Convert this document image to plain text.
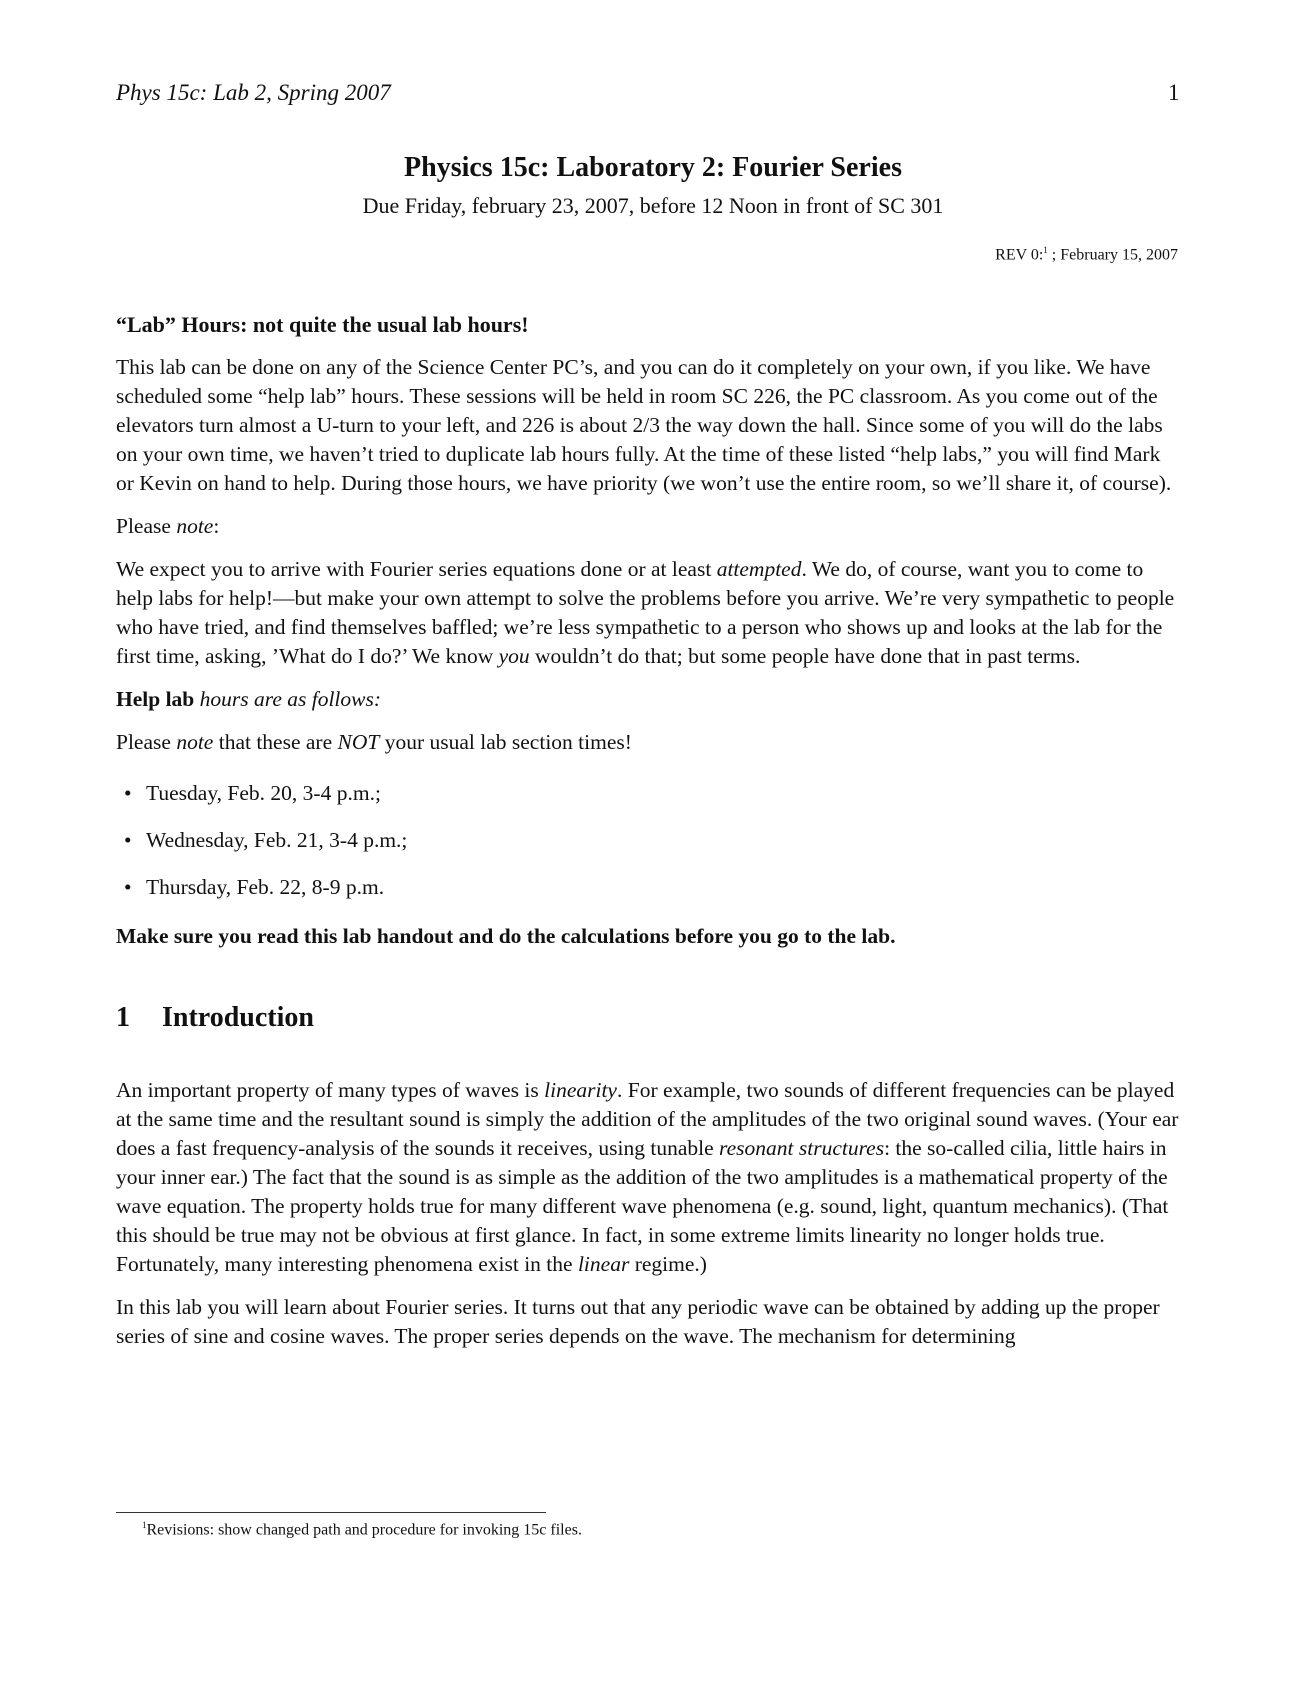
Phys 15c: Lab 2, Spring 2007	1
Physics 15c: Laboratory 2: Fourier Series
Due Friday, february 23, 2007, before 12 Noon in front of SC 301
REV 0:$^1$ ; February 15, 2007
“Lab” Hours: not quite the usual lab hours!

This lab can be done on any of the Science Center PC’s, and you can do it completely on your own, if you like. We have scheduled some “help lab” hours. These sessions will be held in room SC 226, the PC classroom. As you come out of the elevators turn almost a U-turn to your left, and 226 is about 2/3 the way down the hall. Since some of you will do the labs on your own time, we haven’t tried to duplicate lab hours fully. At the time of these listed “help labs,” you will find Mark or Kevin on hand to help. During those hours, we have priority (we won’t use the entire room, so we’ll share it, of course).

Please note:

We expect you to arrive with Fourier series equations done or at least attempted. We do, of course, want you to come to help labs for help!—but make your own attempt to solve the problems before you arrive. We’re very sympathetic to people who have tried, and find themselves baffled; we’re less sympathetic to a person who shows up and looks at the lab for the first time, asking, ’What do I do?’ We know you wouldn’t do that; but some people have done that in past terms.

Help lab hours are as follows:

Please note that these are NOT your usual lab section times!

• Tuesday, Feb. 20, 3-4 p.m.;
• Wednesday, Feb. 21, 3-4 p.m.;
• Thursday, Feb. 22, 8-9 p.m.

Make sure you read this lab handout and do the calculations before you go to the lab.

1 Introduction

An important property of many types of waves is linearity. For example, two sounds of different frequencies can be played at the same time and the resultant sound is simply the addition of the amplitudes of the two original sound waves. (Your ear does a fast frequency-analysis of the sounds it receives, using tunable resonant structures: the so-called cilia, little hairs in your inner ear.) The fact that the sound is as simple as the addition of the two amplitudes is a mathematical property of the wave equation. The property holds true for many different wave phenomena (e.g. sound, light, quantum mechanics). (That this should be true may not be obvious at first glance. In fact, in some extreme limits linearity no longer holds true. Fortunately, many interesting phenomena exist in the linear regime.)

In this lab you will learn about Fourier series. It turns out that any periodic wave can be obtained by adding up the proper series of sine and cosine waves. The proper series depends on the wave. The mechanism for determining

$^1$Revisions: show changed path and procedure for invoking 15c files.
